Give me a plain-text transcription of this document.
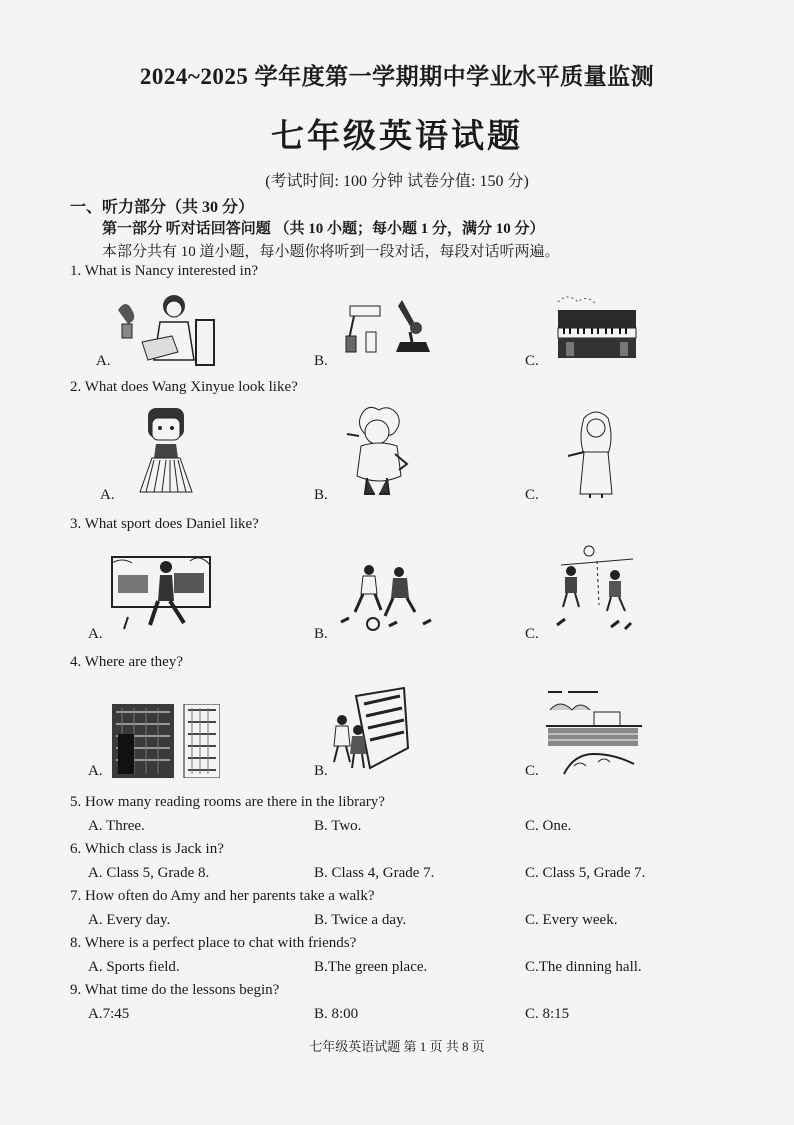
2024~2025 学年度第一学期期中学业水平质量监测
七年级英语试题
(考试时间: 100 分钟 试卷分值: 150 分)
一、听力部分（共 30 分）
第一部分 听对话回答问题 （共 10 小题；每小题 1 分，满分 10 分）
本部分共有 10 道小题，每小题你将听到一段对话，每段对话听两遍。
1. What is Nancy interested in?
A.	B.	C.
2. What does Wang Xinyue look like?
A.	B.	C.
3. What sport does Daniel like?
A.	B.	C.
4. Where are they?
A.	B.	C.
5. How many reading rooms are there in the library?
A. Three.	B. Two.	C. One.
6. Which class is Jack in?
A. Class 5, Grade 8.	B. Class 4, Grade 7.	C. Class 5, Grade 7.
7. How often do Amy and her parents take a walk?
A. Every day.	B. Twice a day.	C. Every week.
8. Where is a perfect place to chat with friends?
A. Sports field.	B.The green place.	C.The dinning hall.
9. What time do the lessons begin?
A.7:45	B. 8:00	C. 8:15
七年级英语试题 第 1 页 共 8 页
